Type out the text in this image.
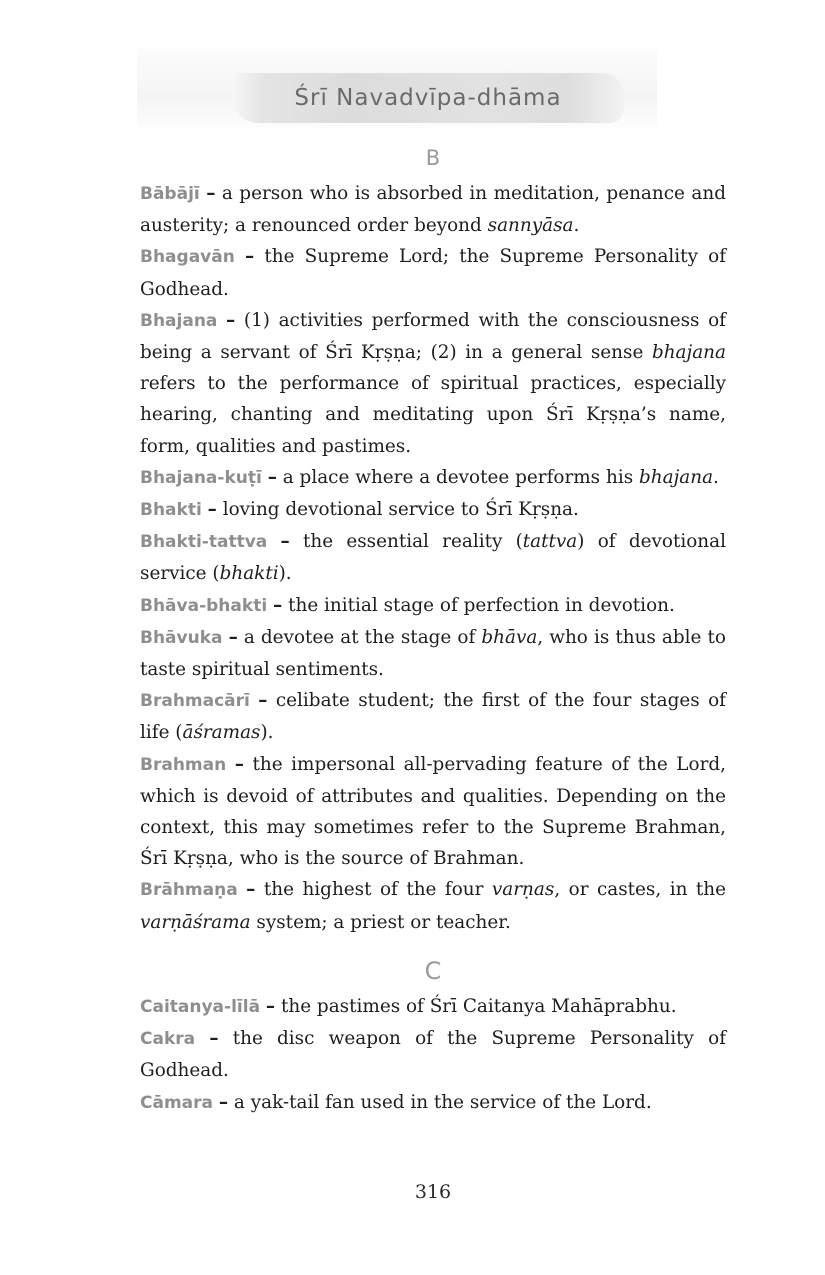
Śrī Navadvīpa-dhāma
B

Bābājī – a person who is absorbed in meditation, penance and austerity; a renounced order beyond sannyāsa.

Bhagavān – the Supreme Lord; the Supreme Personality of Godhead.

Bhajana – (1) activities performed with the consciousness of being a servant of Śrī Kṛṣṇa; (2) in a general sense bhajana refers to the performance of spiritual practices, especially hearing, chanting and meditating upon Śrī Kṛṣṇa’s name, form, qualities and pastimes.

Bhajana-kuṭī – a place where a devotee performs his bhajana.

Bhakti – loving devotional service to Śrī Kṛṣṇa.

Bhakti-tattva – the essential reality (tattva) of devotional service (bhakti).

Bhāva-bhakti – the initial stage of perfection in devotion.

Bhāvuka – a devotee at the stage of bhāva, who is thus able to taste spiritual sentiments.

Brahmacārī – celibate student; the first of the four stages of life (āśramas).

Brahman – the impersonal all-pervading feature of the Lord, which is devoid of attributes and qualities. Depending on the context, this may sometimes refer to the Supreme Brahman, Śrī Kṛṣṇa, who is the source of Brahman.

Brāhmaṇa – the highest of the four varṇas, or castes, in the varṇāśrama system; a priest or teacher.

C

Caitanya-līlā – the pastimes of Śrī Caitanya Mahāprabhu.

Cakra – the disc weapon of the Supreme Personality of Godhead.

Cāmara – a yak-tail fan used in the service of the Lord.

316
